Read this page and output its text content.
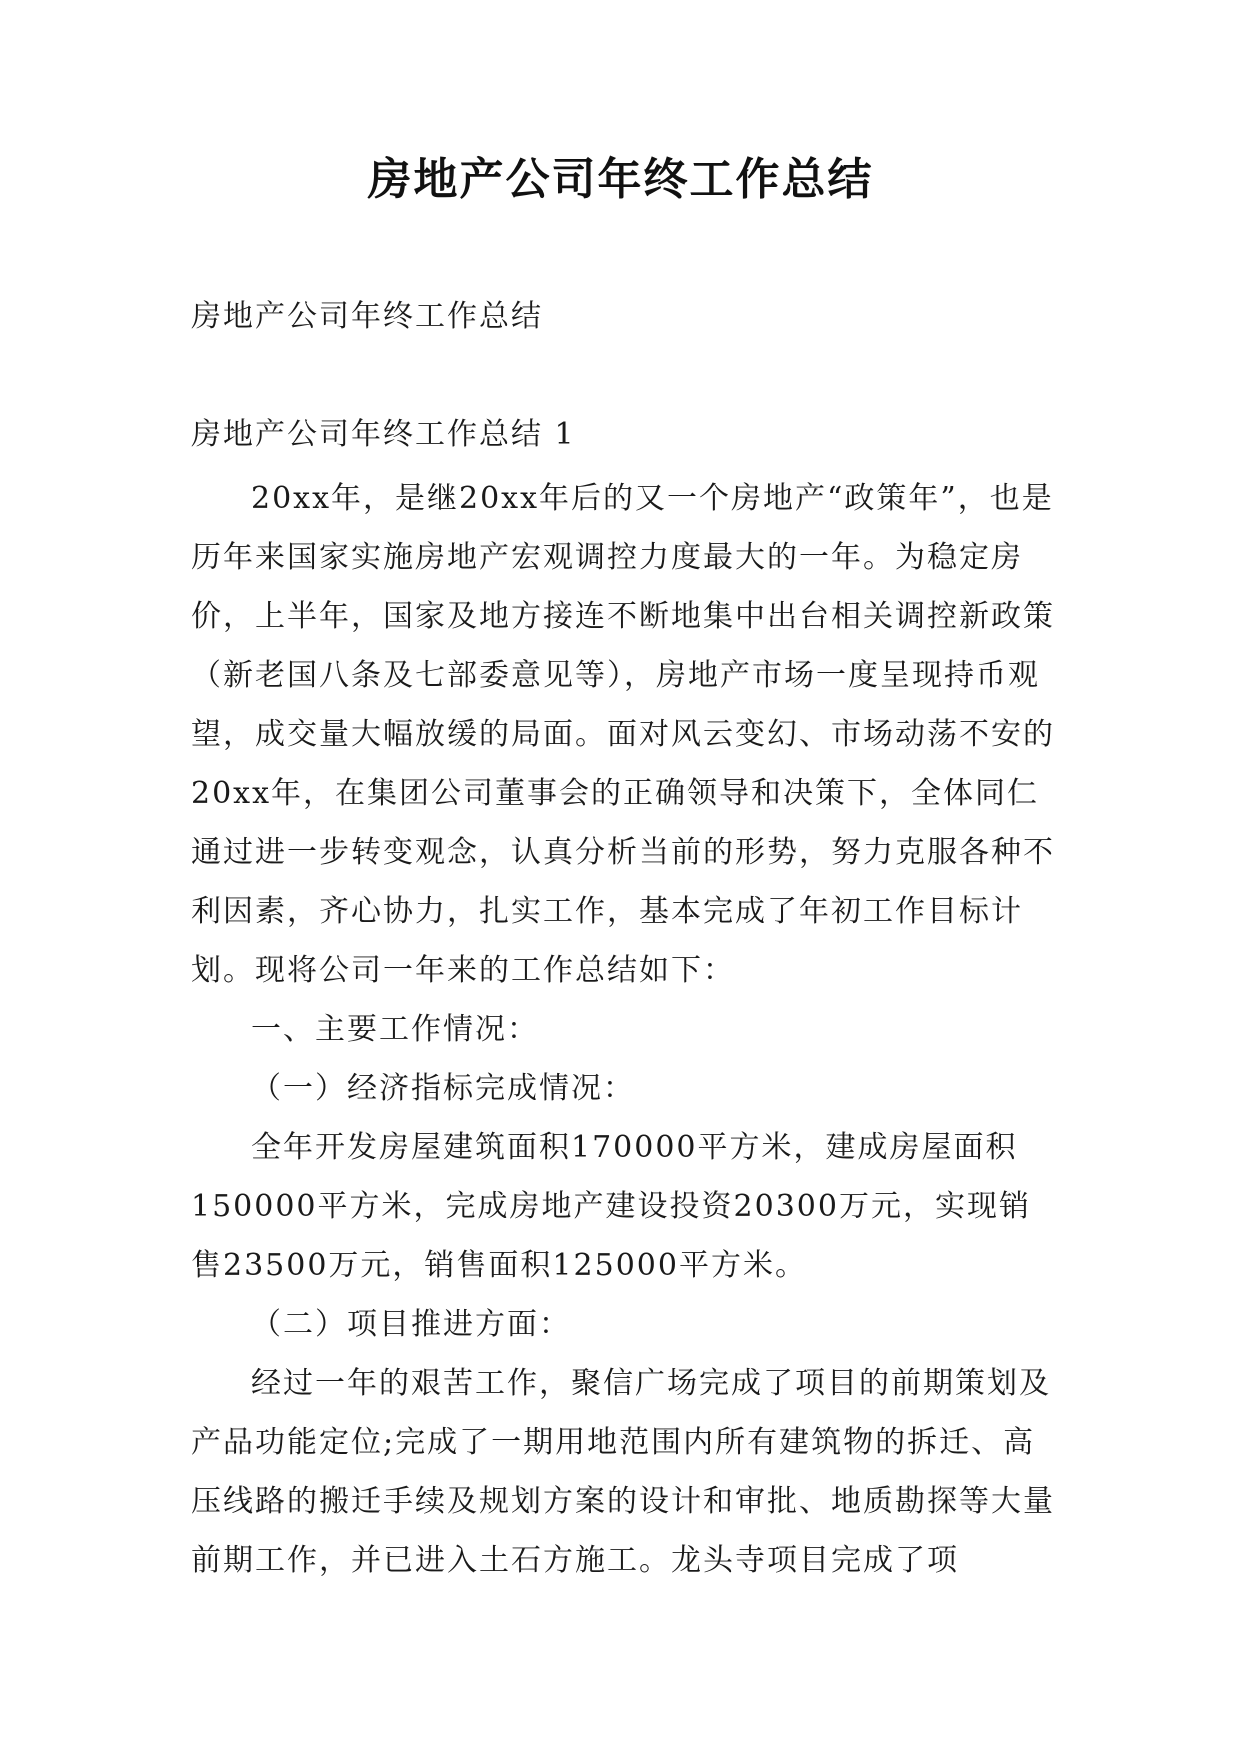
房地产公司年终工作总结
房地产公司年终工作总结
房地产公司年终工作总结 1

20xx年，是继20xx年后的又一个房地产“政策年”，也是历年来国家实施房地产宏观调控力度最大的一年。为稳定房价，上半年，国家及地方接连不断地集中出台相关调控新政策（新老国八条及七部委意见等），房地产市场一度呈现持币观望，成交量大幅放缓的局面。面对风云变幻、市场动荡不安的20xx年，在集团公司董事会的正确领导和决策下，全体同仁通过进一步转变观念，认真分析当前的形势，努力克服各种不利因素，齐心协力，扎实工作，基本完成了年初工作目标计划。现将公司一年来的工作总结如下：

一、主要工作情况：

（一）经济指标完成情况：

全年开发房屋建筑面积170000平方米，建成房屋面积150000平方米，完成房地产建设投资20300万元，实现销售23500万元，销售面积125000平方米。

（二）项目推进方面：

经过一年的艰苦工作，聚信广场完成了项目的前期策划及产品功能定位;完成了一期用地范围内所有建筑物的拆迁、高压线路的搬迁手续及规划方案的设计和审批、地质勘探等大量前期工作，并已进入土石方施工。龙头寺项目完成了项
